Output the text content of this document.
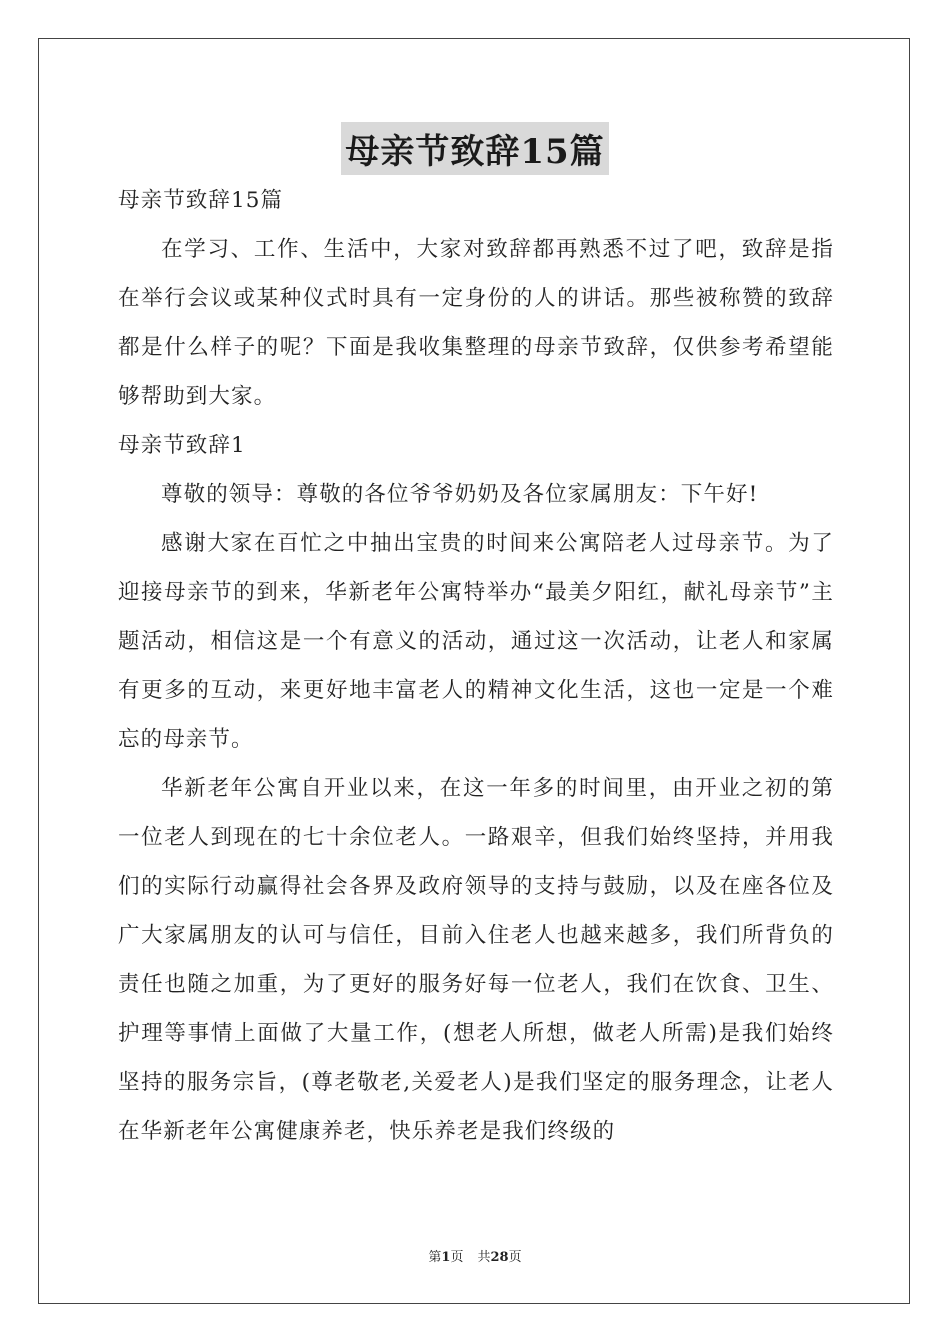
母亲节致辞15篇

母亲节致辞15篇

在学习、工作、生活中，大家对致辞都再熟悉不过了吧，致辞是指在举行会议或某种仪式时具有一定身份的人的讲话。那些被称赞的致辞都是什么样子的呢？下面是我收集整理的母亲节致辞，仅供参考希望能够帮助到大家。

母亲节致辞1

尊敬的领导：尊敬的各位爷爷奶奶及各位家属朋友：下午好!

感谢大家在百忙之中抽出宝贵的时间来公寓陪老人过母亲节。为了迎接母亲节的到来，华新老年公寓特举办“最美夕阳红，献礼母亲节”主题活动，相信这是一个有意义的活动，通过这一次活动，让老人和家属有更多的互动，来更好地丰富老人的精神文化生活，这也一定是一个难忘的母亲节。

华新老年公寓自开业以来，在这一年多的时间里，由开业之初的第一位老人到现在的七十余位老人。一路艰辛，但我们始终坚持，并用我们的实际行动赢得社会各界及政府领导的支持与鼓励，以及在座各位及广大家属朋友的认可与信任，目前入住老人也越来越多，我们所背负的责任也随之加重，为了更好的服务好每一位老人，我们在饮食、卫生、护理等事情上面做了大量工作，(想老人所想，做老人所需)是我们始终坚持的服务宗旨，(尊老敬老,关爱老人)是我们坚定的服务理念，让老人在华新老年公寓健康养老，快乐养老是我们终级的

第1页 共28页
